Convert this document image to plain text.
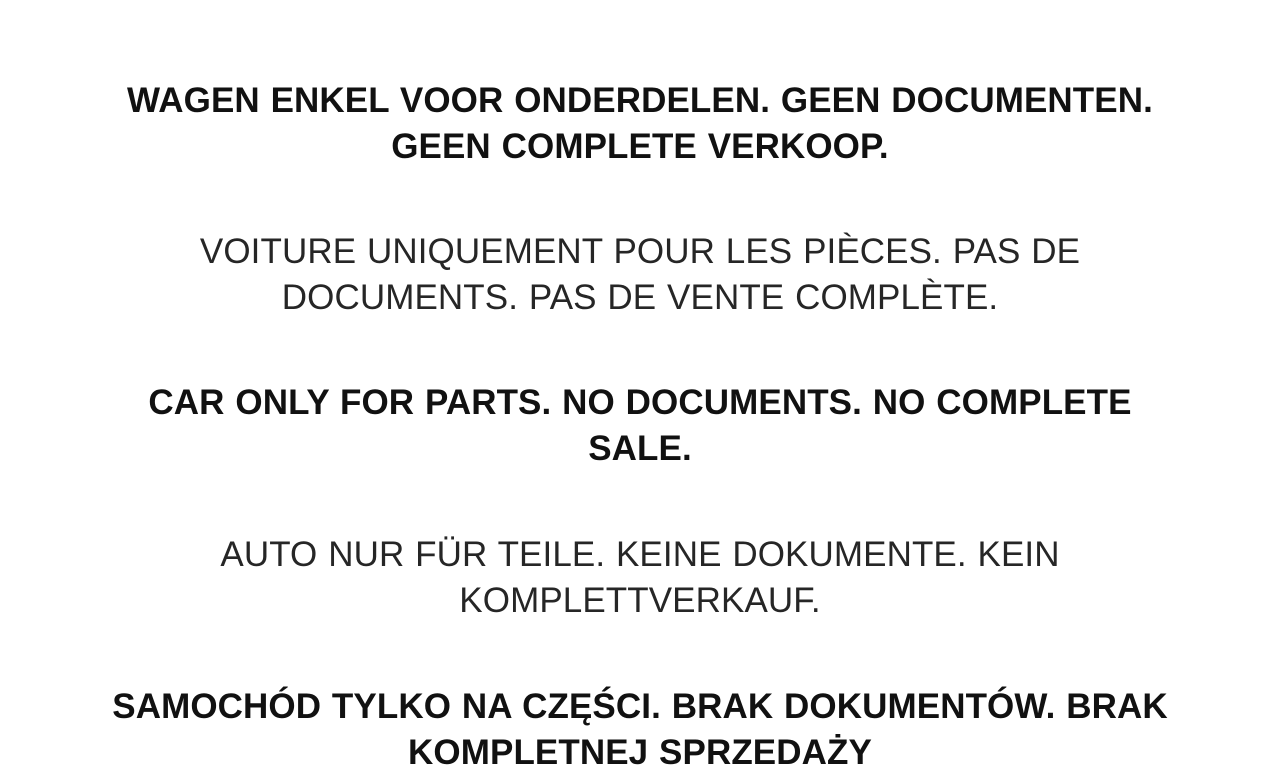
WAGEN ENKEL VOOR ONDERDELEN. GEEN DOCUMENTEN. GEEN COMPLETE VERKOOP.

VOITURE UNIQUEMENT POUR LES PIÈCES. PAS DE DOCUMENTS. PAS DE VENTE COMPLÈTE.

CAR ONLY FOR PARTS. NO DOCUMENTS. NO COMPLETE SALE.

AUTO NUR FÜR TEILE. KEINE DOKUMENTE. KEIN KOMPLETTVERKAUF.

SAMOCHÓD TYLKO NA CZĘŚCI. BRAK DOKUMENTÓW. BRAK KOMPLETNEJ SPRZEDAŻY
